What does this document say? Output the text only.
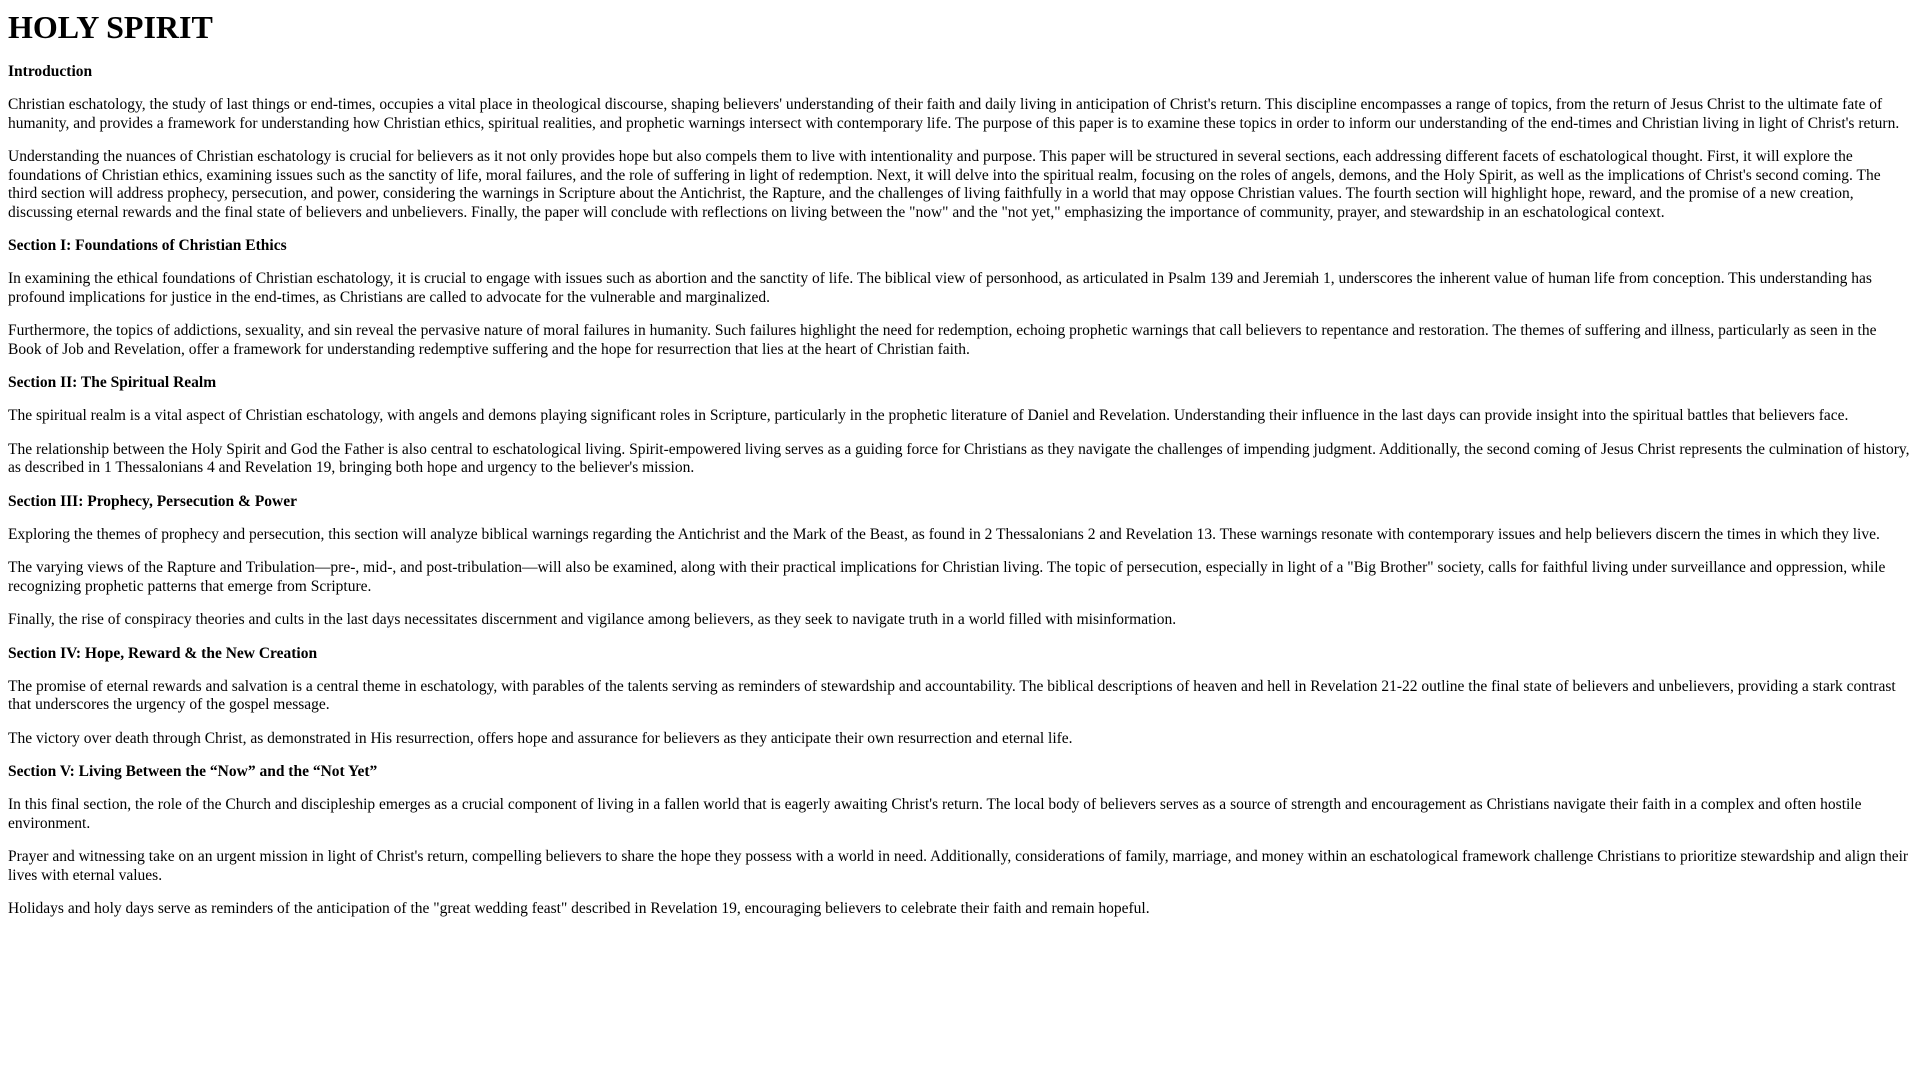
HOLY SPIRIT
Introduction

Christian eschatology, the study of last things or end-times, occupies a vital place in theological discourse, shaping believers' understanding of their faith and daily living in anticipation of Christ's return. This discipline encompasses a range of topics, from the return of Jesus Christ to the ultimate fate of humanity, and provides a framework for understanding how Christian ethics, spiritual realities, and prophetic warnings intersect with contemporary life. The purpose of this paper is to examine these topics in order to inform our understanding of the end-times and Christian living in light of Christ's return.

Understanding the nuances of Christian eschatology is crucial for believers as it not only provides hope but also compels them to live with intentionality and purpose. This paper will be structured in several sections, each addressing different facets of eschatological thought. First, it will explore the foundations of Christian ethics, examining issues such as the sanctity of life, moral failures, and the role of suffering in light of redemption. Next, it will delve into the spiritual realm, focusing on the roles of angels, demons, and the Holy Spirit, as well as the implications of Christ's second coming. The third section will address prophecy, persecution, and power, considering the warnings in Scripture about the Antichrist, the Rapture, and the challenges of living faithfully in a world that may oppose Christian values. The fourth section will highlight hope, reward, and the promise of a new creation, discussing eternal rewards and the final state of believers and unbelievers. Finally, the paper will conclude with reflections on living between the "now" and the "not yet," emphasizing the importance of community, prayer, and stewardship in an eschatological context.

Section I: Foundations of Christian Ethics

In examining the ethical foundations of Christian eschatology, it is crucial to engage with issues such as abortion and the sanctity of life. The biblical view of personhood, as articulated in Psalm 139 and Jeremiah 1, underscores the inherent value of human life from conception. This understanding has profound implications for justice in the end-times, as Christians are called to advocate for the vulnerable and marginalized.

Furthermore, the topics of addictions, sexuality, and sin reveal the pervasive nature of moral failures in humanity. Such failures highlight the need for redemption, echoing prophetic warnings that call believers to repentance and restoration. The themes of suffering and illness, particularly as seen in the Book of Job and Revelation, offer a framework for understanding redemptive suffering and the hope for resurrection that lies at the heart of Christian faith.

Section II: The Spiritual Realm

The spiritual realm is a vital aspect of Christian eschatology, with angels and demons playing significant roles in Scripture, particularly in the prophetic literature of Daniel and Revelation. Understanding their influence in the last days can provide insight into the spiritual battles that believers face.

The relationship between the Holy Spirit and God the Father is also central to eschatological living. Spirit-empowered living serves as a guiding force for Christians as they navigate the challenges of impending judgment. Additionally, the second coming of Jesus Christ represents the culmination of history, as described in 1 Thessalonians 4 and Revelation 19, bringing both hope and urgency to the believer's mission.

Section III: Prophecy, Persecution & Power

Exploring the themes of prophecy and persecution, this section will analyze biblical warnings regarding the Antichrist and the Mark of the Beast, as found in 2 Thessalonians 2 and Revelation 13. These warnings resonate with contemporary issues and help believers discern the times in which they live.

The varying views of the Rapture and Tribulation—pre-, mid-, and post-tribulation—will also be examined, along with their practical implications for Christian living. The topic of persecution, especially in light of a "Big Brother" society, calls for faithful living under surveillance and oppression, while recognizing prophetic patterns that emerge from Scripture.

Finally, the rise of conspiracy theories and cults in the last days necessitates discernment and vigilance among believers, as they seek to navigate truth in a world filled with misinformation.

Section IV: Hope, Reward & the New Creation

The promise of eternal rewards and salvation is a central theme in eschatology, with parables of the talents serving as reminders of stewardship and accountability. The biblical descriptions of heaven and hell in Revelation 21-22 outline the final state of believers and unbelievers, providing a stark contrast that underscores the urgency of the gospel message.

The victory over death through Christ, as demonstrated in His resurrection, offers hope and assurance for believers as they anticipate their own resurrection and eternal life.

Section V: Living Between the “Now” and the “Not Yet”

In this final section, the role of the Church and discipleship emerges as a crucial component of living in a fallen world that is eagerly awaiting Christ's return. The local body of believers serves as a source of strength and encouragement as Christians navigate their faith in a complex and often hostile environment.

Prayer and witnessing take on an urgent mission in light of Christ's return, compelling believers to share the hope they possess with a world in need. Additionally, considerations of family, marriage, and money within an eschatological framework challenge Christians to prioritize stewardship and align their lives with eternal values.

Holidays and holy days serve as reminders of the anticipation of the "great wedding feast" described in Revelation 19, encouraging believers to celebrate their faith and remain hopeful.
